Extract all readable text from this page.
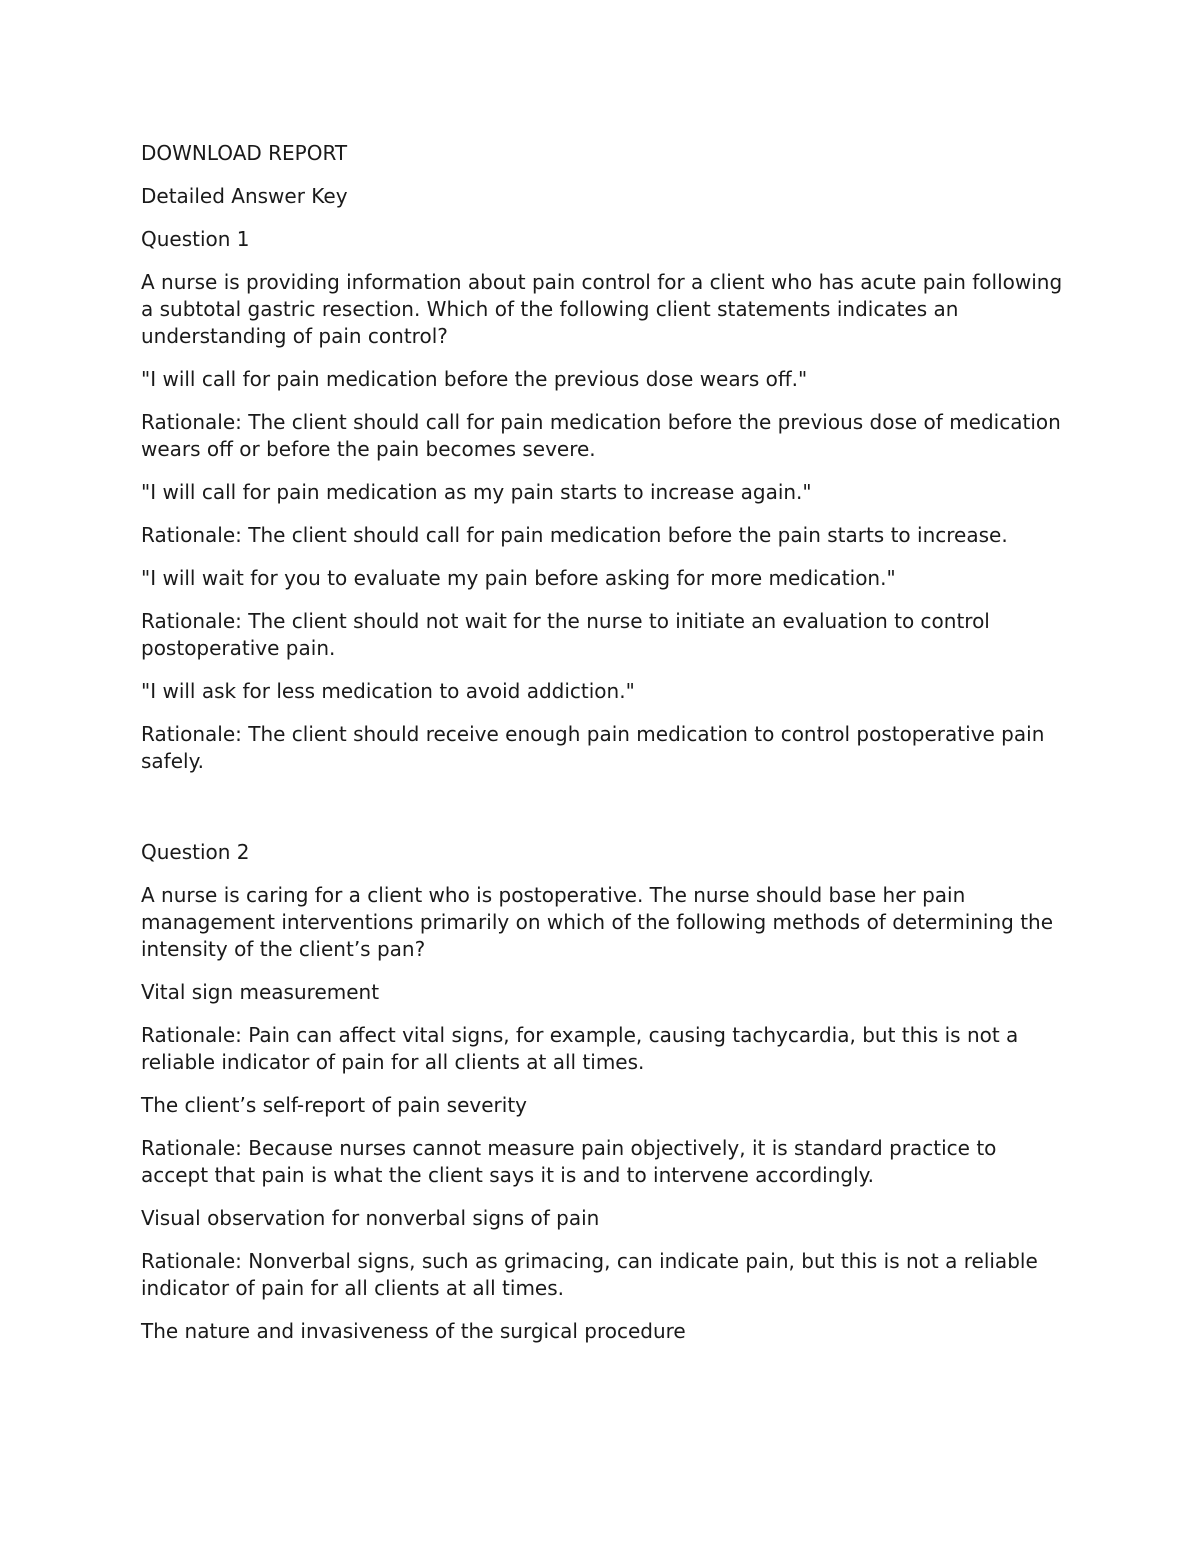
DOWNLOAD REPORT

Detailed Answer Key

Question 1

A nurse is providing information about pain control for a client who has acute pain following a subtotal gastric resection. Which of the following client statements indicates an understanding of pain control?

"I will call for pain medication before the previous dose wears off."

Rationale: The client should call for pain medication before the previous dose of medication wears off or before the pain becomes severe.

"I will call for pain medication as my pain starts to increase again."

Rationale: The client should call for pain medication before the pain starts to increase.

"I will wait for you to evaluate my pain before asking for more medication."

Rationale: The client should not wait for the nurse to initiate an evaluation to control postoperative pain.

"I will ask for less medication to avoid addiction."

Rationale: The client should receive enough pain medication to control postoperative pain safely.

Question 2

A nurse is caring for a client who is postoperative. The nurse should base her pain management interventions primarily on which of the following methods of determining the intensity of the client’s pan?

Vital sign measurement

Rationale: Pain can affect vital signs, for example, causing tachycardia, but this is not a reliable indicator of pain for all clients at all times.

The client’s self-report of pain severity

Rationale: Because nurses cannot measure pain objectively, it is standard practice to accept that pain is what the client says it is and to intervene accordingly.

Visual observation for nonverbal signs of pain

Rationale: Nonverbal signs, such as grimacing, can indicate pain, but this is not a reliable indicator of pain for all clients at all times.

The nature and invasiveness of the surgical procedure
